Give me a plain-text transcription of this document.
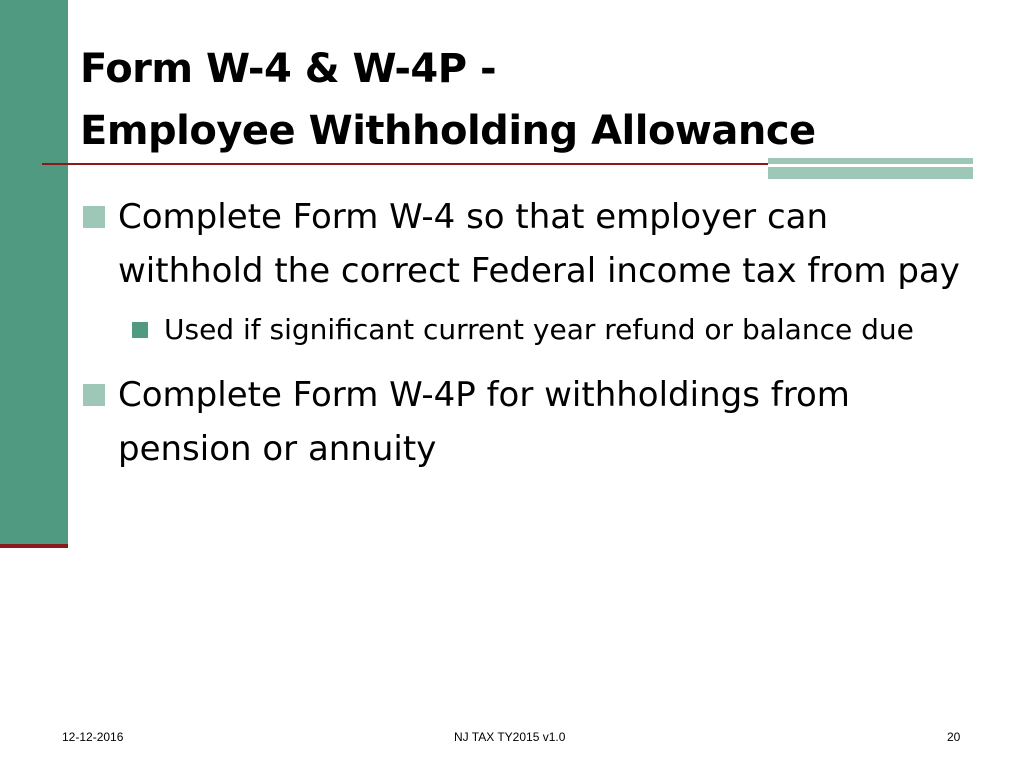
Form W-4 & W-4P -
Employee Withholding Allowance
Complete Form W-4 so that employer can withhold the correct Federal income tax from pay
Used if significant current year refund or balance due
Complete Form W-4P for withholdings from pension or annuity
12-12-2016	NJ TAX TY2015 v1.0	20
